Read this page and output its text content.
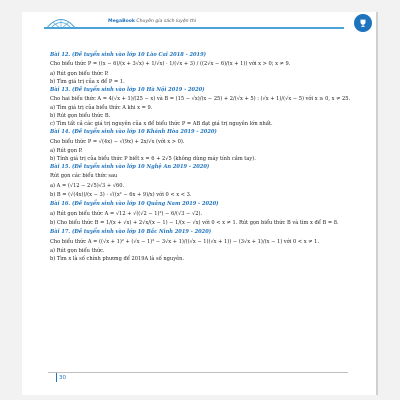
MegaBook Chuyên gia sách luyện thi
Bài 12. (Đề tuyển sinh vào lớp 10 Lào Cai 2018 - 2019)
Cho biểu thức P = ((x − 6)/(x + 3√x) + 1/√x) · 1/(√x + 3) / ((2√x − 6)/(x + 1)) với x > 0; x ≠ 9.
a) Rút gọn biểu thức P.
b) Tìm giá trị của x để P = 1.
Bài 13. (Đề tuyển sinh vào lớp 10 Hà Nội 2019 - 2020)
Cho hai biểu thức A = 4(√x + 1)/(25 − x) và B = (15 − √x)/(x − 25) + 2/(√x + 5) : (√x + 1)/(√x − 5) với x ≥ 0, x ≠ 25.
a) Tìm giá trị của biểu thức A khi x = 9.
b) Rút gọn biểu thức B.
c) Tìm tất cả các giá trị nguyên của x để biểu thức P = AB đạt giá trị nguyên lớn nhất.
Bài 14. (Đề tuyển sinh vào lớp 10 Khánh Hòa 2019 - 2020)
Cho biểu thức P = √(4x) − √(9x) + 2x/√x (với x > 0).
a) Rút gọn P.
b) Tính giá trị của biểu thức P biết x = 6 + 2√5 (không dùng máy tính cầm tay).
Bài 15. (Đề tuyển sinh vào lớp 10 Nghệ An 2019 - 2020)
Rút gọn các biểu thức sau
a) A = (√12 − 2√5)√3 + √60.
b) B = (√(4x))/(x − 3) · √((x² − 6x + 9)/x) với 0 < x < 3.
Bài 16. (Đề tuyển sinh vào lớp 10 Quảng Nam 2019 - 2020)
a) Rút gọn biểu thức A = √12 + √((√2 − 1)²) − 6/(√3 − √2).
b) Cho biểu thức B = 1/(x + √x) + 2√x/(x − 1) − 1/(x − √x) với 0 < x ≠ 1. Rút gọn biểu thức B và tìm x để B = 8.
Bài 17. (Đề tuyển sinh vào lớp 10 Bắc Ninh 2019 - 2020)
Cho biểu thức A = ((√x + 1)² + (√x − 1)² − 3√x + 1)/((√x − 1)(√x + 1)) − (3√x + 1)/(x − 1) với 0 < x ≠ 1.
a) Rút gọn biểu thức.
b) Tìm x là số chính phương để 2019A là số nguyên.
30
